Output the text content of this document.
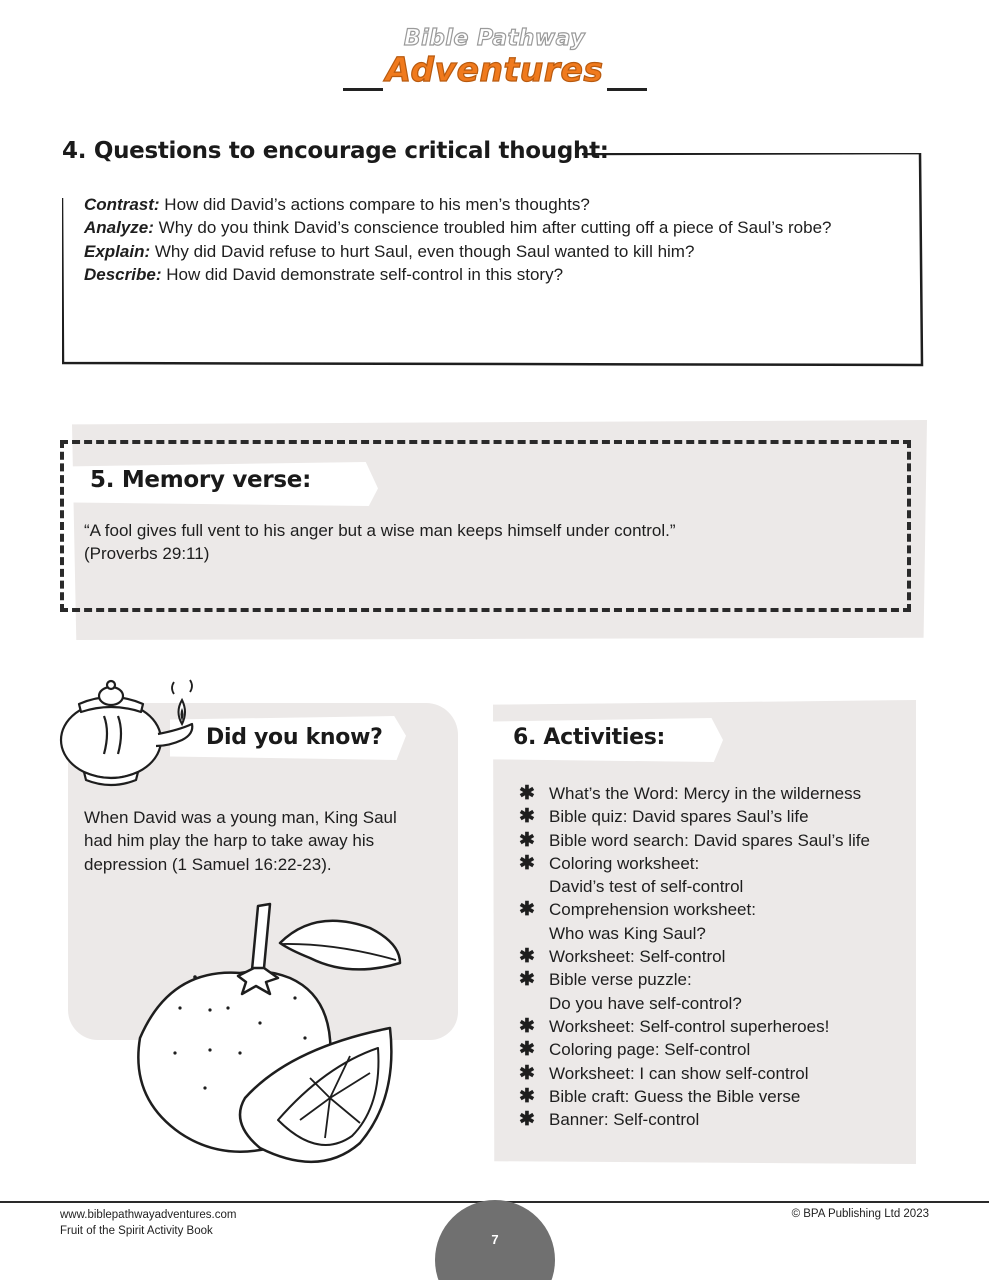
Bible Pathway
Adventures
4. Questions to encourage critical thought:
Contrast: How did David’s actions compare to his men’s thoughts?
Analyze: Why do you think David’s conscience troubled him after cutting off a piece of Saul’s robe?
Explain: Why did David refuse to hurt Saul, even though Saul wanted to kill him?
Describe: How did David demonstrate self-control in this story?
5. Memory verse:
“A fool gives full vent to his anger but a wise man keeps himself under control.”
(Proverbs 29:11)
Did you know?
When David was a young man, King Saul
had him play the harp to take away his
depression (1 Samuel 16:22-23).
6. Activities:
✱ What’s the Word: Mercy in the wilderness
✱ Bible quiz: David spares Saul’s life
✱ Bible word search: David spares Saul’s life
✱ Coloring worksheet:
David’s test of self-control
✱ Comprehension worksheet:
Who was King Saul?
✱ Worksheet: Self-control
✱ Bible verse puzzle:
Do you have self-control?
✱ Worksheet: Self-control superheroes!
✱ Coloring page: Self-control
✱ Worksheet: I can show self-control
✱ Bible craft: Guess the Bible verse
✱ Banner: Self-control
7
www.biblepathwayadventures.com
Fruit of the Spirit Activity Book
© BPA Publishing Ltd 2023
